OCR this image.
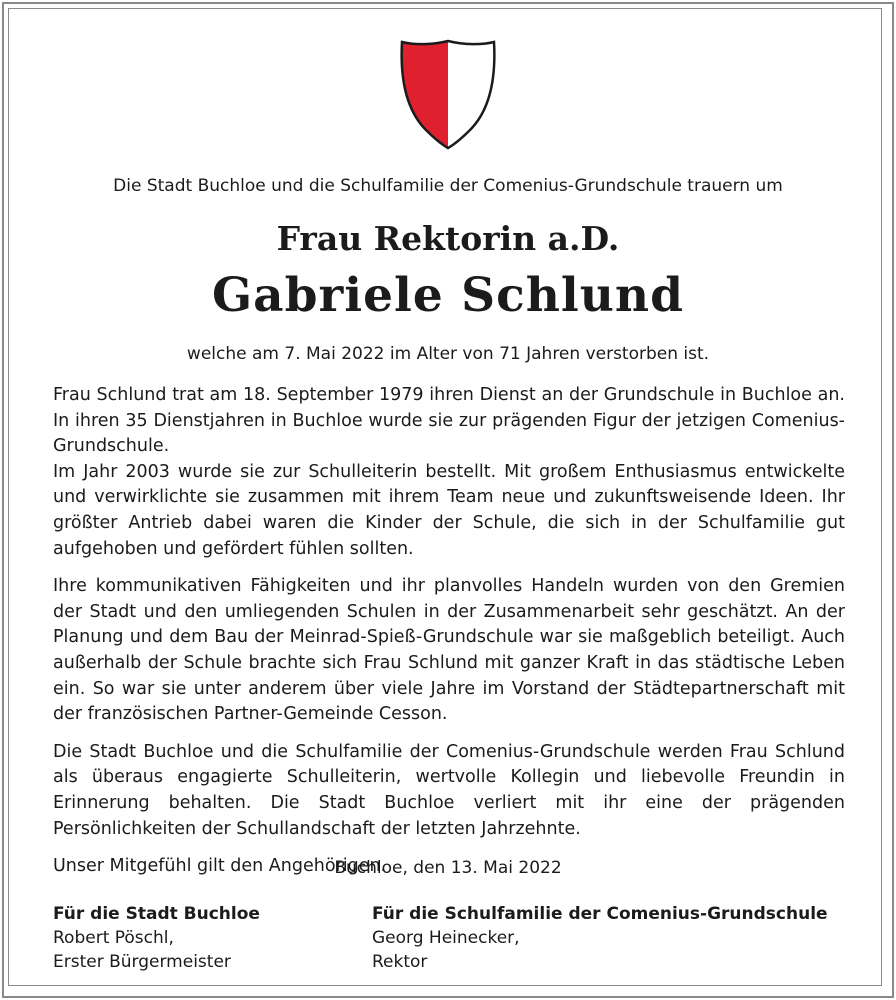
Die Stadt Buchloe und die Schulfamilie der Comenius-Grundschule trauern um
Frau Rektorin a.D.
Gabriele Schlund
welche am 7. Mai 2022 im Alter von 71 Jahren verstorben ist.

Frau Schlund trat am 18. September 1979 ihren Dienst an der Grundschule in Buchloe an. In ihren 35 Dienstjahren in Buchloe wurde sie zur prägenden Figur der jetzigen Comenius-Grundschule.

Im Jahr 2003 wurde sie zur Schulleiterin bestellt. Mit großem Enthusiasmus entwickelte und verwirklichte sie zusammen mit ihrem Team neue und zukunftsweisende Ideen. Ihr größter Antrieb dabei waren die Kinder der Schule, die sich in der Schulfamilie gut aufgehoben und gefördert fühlen sollten.

Ihre kommunikativen Fähigkeiten und ihr planvolles Handeln wurden von den Gremien der Stadt und den umliegenden Schulen in der Zusammenarbeit sehr geschätzt. An der Planung und dem Bau der Meinrad-Spieß-Grundschule war sie maßgeblich beteiligt. Auch außerhalb der Schule brachte sich Frau Schlund mit ganzer Kraft in das städtische Leben ein. So war sie unter anderem über viele Jahre im Vorstand der Städtepartnerschaft mit der französischen Partner-Gemeinde Cesson.

Die Stadt Buchloe und die Schulfamilie der Comenius-Grundschule werden Frau Schlund als überaus engagierte Schulleiterin, wertvolle Kollegin und liebevolle Freundin in Erinnerung behalten. Die Stadt Buchloe verliert mit ihr eine der prägenden Persönlichkeiten der Schullandschaft der letzten Jahrzehnte.

Unser Mitgefühl gilt den Angehörigen.

Buchloe, den 13. Mai 2022
Für die Stadt Buchloe
Robert Pöschl,
Erster Bürgermeister
Für die Schulfamilie der Comenius-Grundschule
Georg Heinecker,
Rektor
